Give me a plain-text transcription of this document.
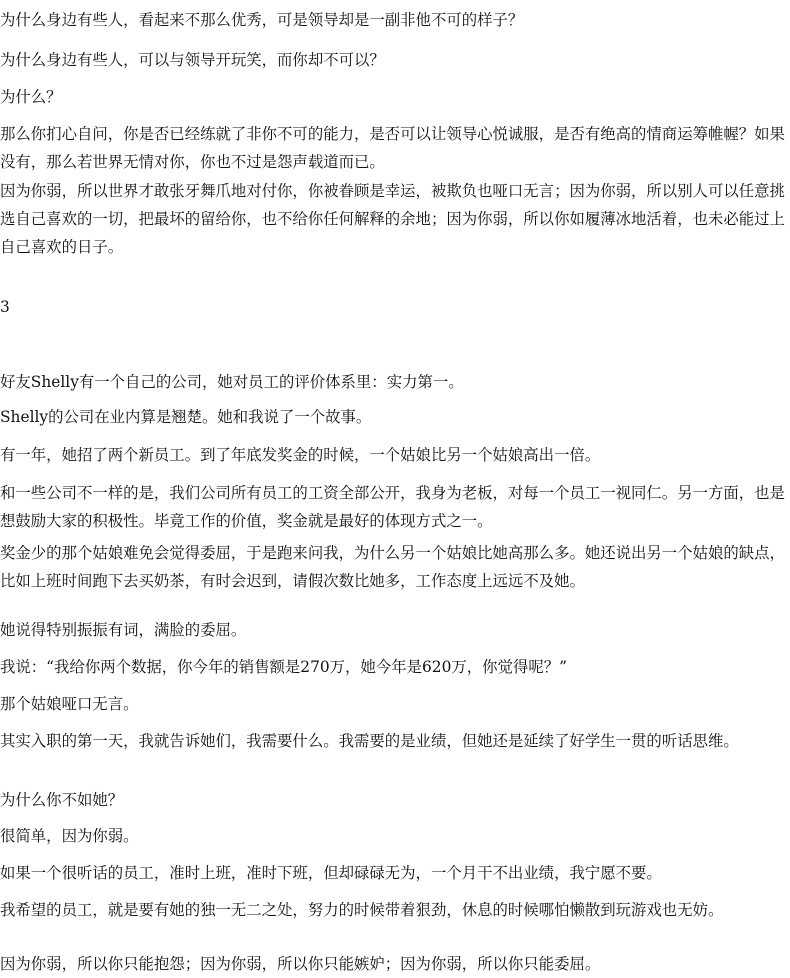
为什么身边有些人，看起来不那么优秀，可是领导却是一副非他不可的样子？

为什么身边有些人，可以与领导开玩笑，而你却不可以？

为什么？

那么你扪心自问，你是否已经练就了非你不可的能力，是否可以让领导心悦诚服，是否有绝高的情商运筹帷幄？如果没有，那么若世界无情对你，你也不过是怨声载道而已。

因为你弱，所以世界才敢张牙舞爪地对付你，你被眷顾是幸运，被欺负也哑口无言；因为你弱，所以别人可以任意挑选自己喜欢的一切，把最坏的留给你，也不给你任何解释的余地；因为你弱，所以你如履薄冰地活着，也未必能过上自己喜欢的日子。

3

好友Shelly有一个自己的公司，她对员工的评价体系里：实力第一。

Shelly的公司在业内算是翘楚。她和我说了一个故事。

有一年，她招了两个新员工。到了年底发奖金的时候，一个姑娘比另一个姑娘高出一倍。

和一些公司不一样的是，我们公司所有员工的工资全部公开，我身为老板，对每一个员工一视同仁。另一方面，也是想鼓励大家的积极性。毕竟工作的价值，奖金就是最好的体现方式之一。

奖金少的那个姑娘难免会觉得委屈，于是跑来问我，为什么另一个姑娘比她高那么多。她还说出另一个姑娘的缺点，比如上班时间跑下去买奶茶，有时会迟到，请假次数比她多，工作态度上远远不及她。

她说得特别振振有词，满脸的委屈。

我说：“我给你两个数据，你今年的销售额是270万，她今年是620万，你觉得呢？”

那个姑娘哑口无言。

其实入职的第一天，我就告诉她们，我需要什么。我需要的是业绩，但她还是延续了好学生一贯的听话思维。

为什么你不如她？

很简单，因为你弱。

如果一个很听话的员工，准时上班，准时下班，但却碌碌无为，一个月干不出业绩，我宁愿不要。

我希望的员工，就是要有她的独一无二之处，努力的时候带着狠劲，休息的时候哪怕懒散到玩游戏也无妨。

因为你弱，所以你只能抱怨；因为你弱，所以你只能嫉妒；因为你弱，所以你只能委屈。
